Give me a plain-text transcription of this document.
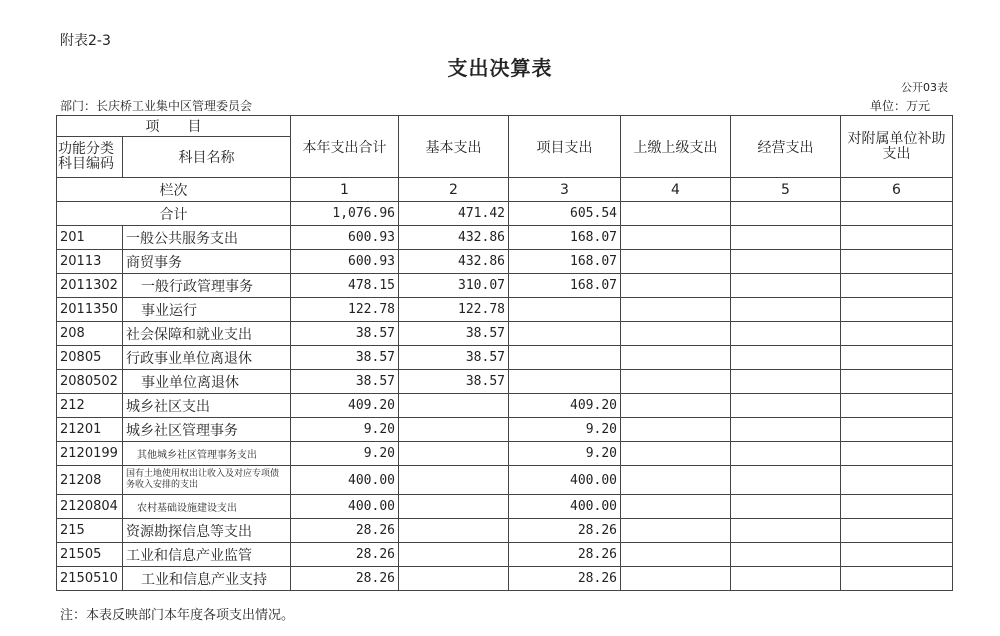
附表2-3
支出决算表
公开03表
部门：长庆桥工业集中区管理委员会	单位：万元
项　　目		本年支出合计	基本支出	项目支出	上缴上级支出	经营支出	对附属单位补助
支出
功能分类
科目编码	科目名称						
栏次		1	2	3	4	5	6
合计		1,076.96	471.42	605.54			
201	一般公共服务支出	600.93	432.86	168.07			
20113	商贸事务	600.93	432.86	168.07			
2011302	一般行政管理事务	478.15	310.07	168.07			
2011350	事业运行	122.78	122.78				
208	社会保障和就业支出	38.57	38.57				
20805	行政事业单位离退休	38.57	38.57				
2080502	事业单位离退休	38.57	38.57				
212	城乡社区支出	409.20		409.20			
21201	城乡社区管理事务	9.20		9.20			
2120199	其他城乡社区管理事务支出	9.20		9.20			
21208	国有土地使用权出让收入及对应专项债务收入安排的支出	400.00		400.00			
2120804	农村基础设施建设支出	400.00		400.00			
215	资源勘探信息等支出	28.26		28.26			
21505	工业和信息产业监管	28.26		28.26			
2150510	工业和信息产业支持	28.26		28.26			
注：本表反映部门本年度各项支出情况。
